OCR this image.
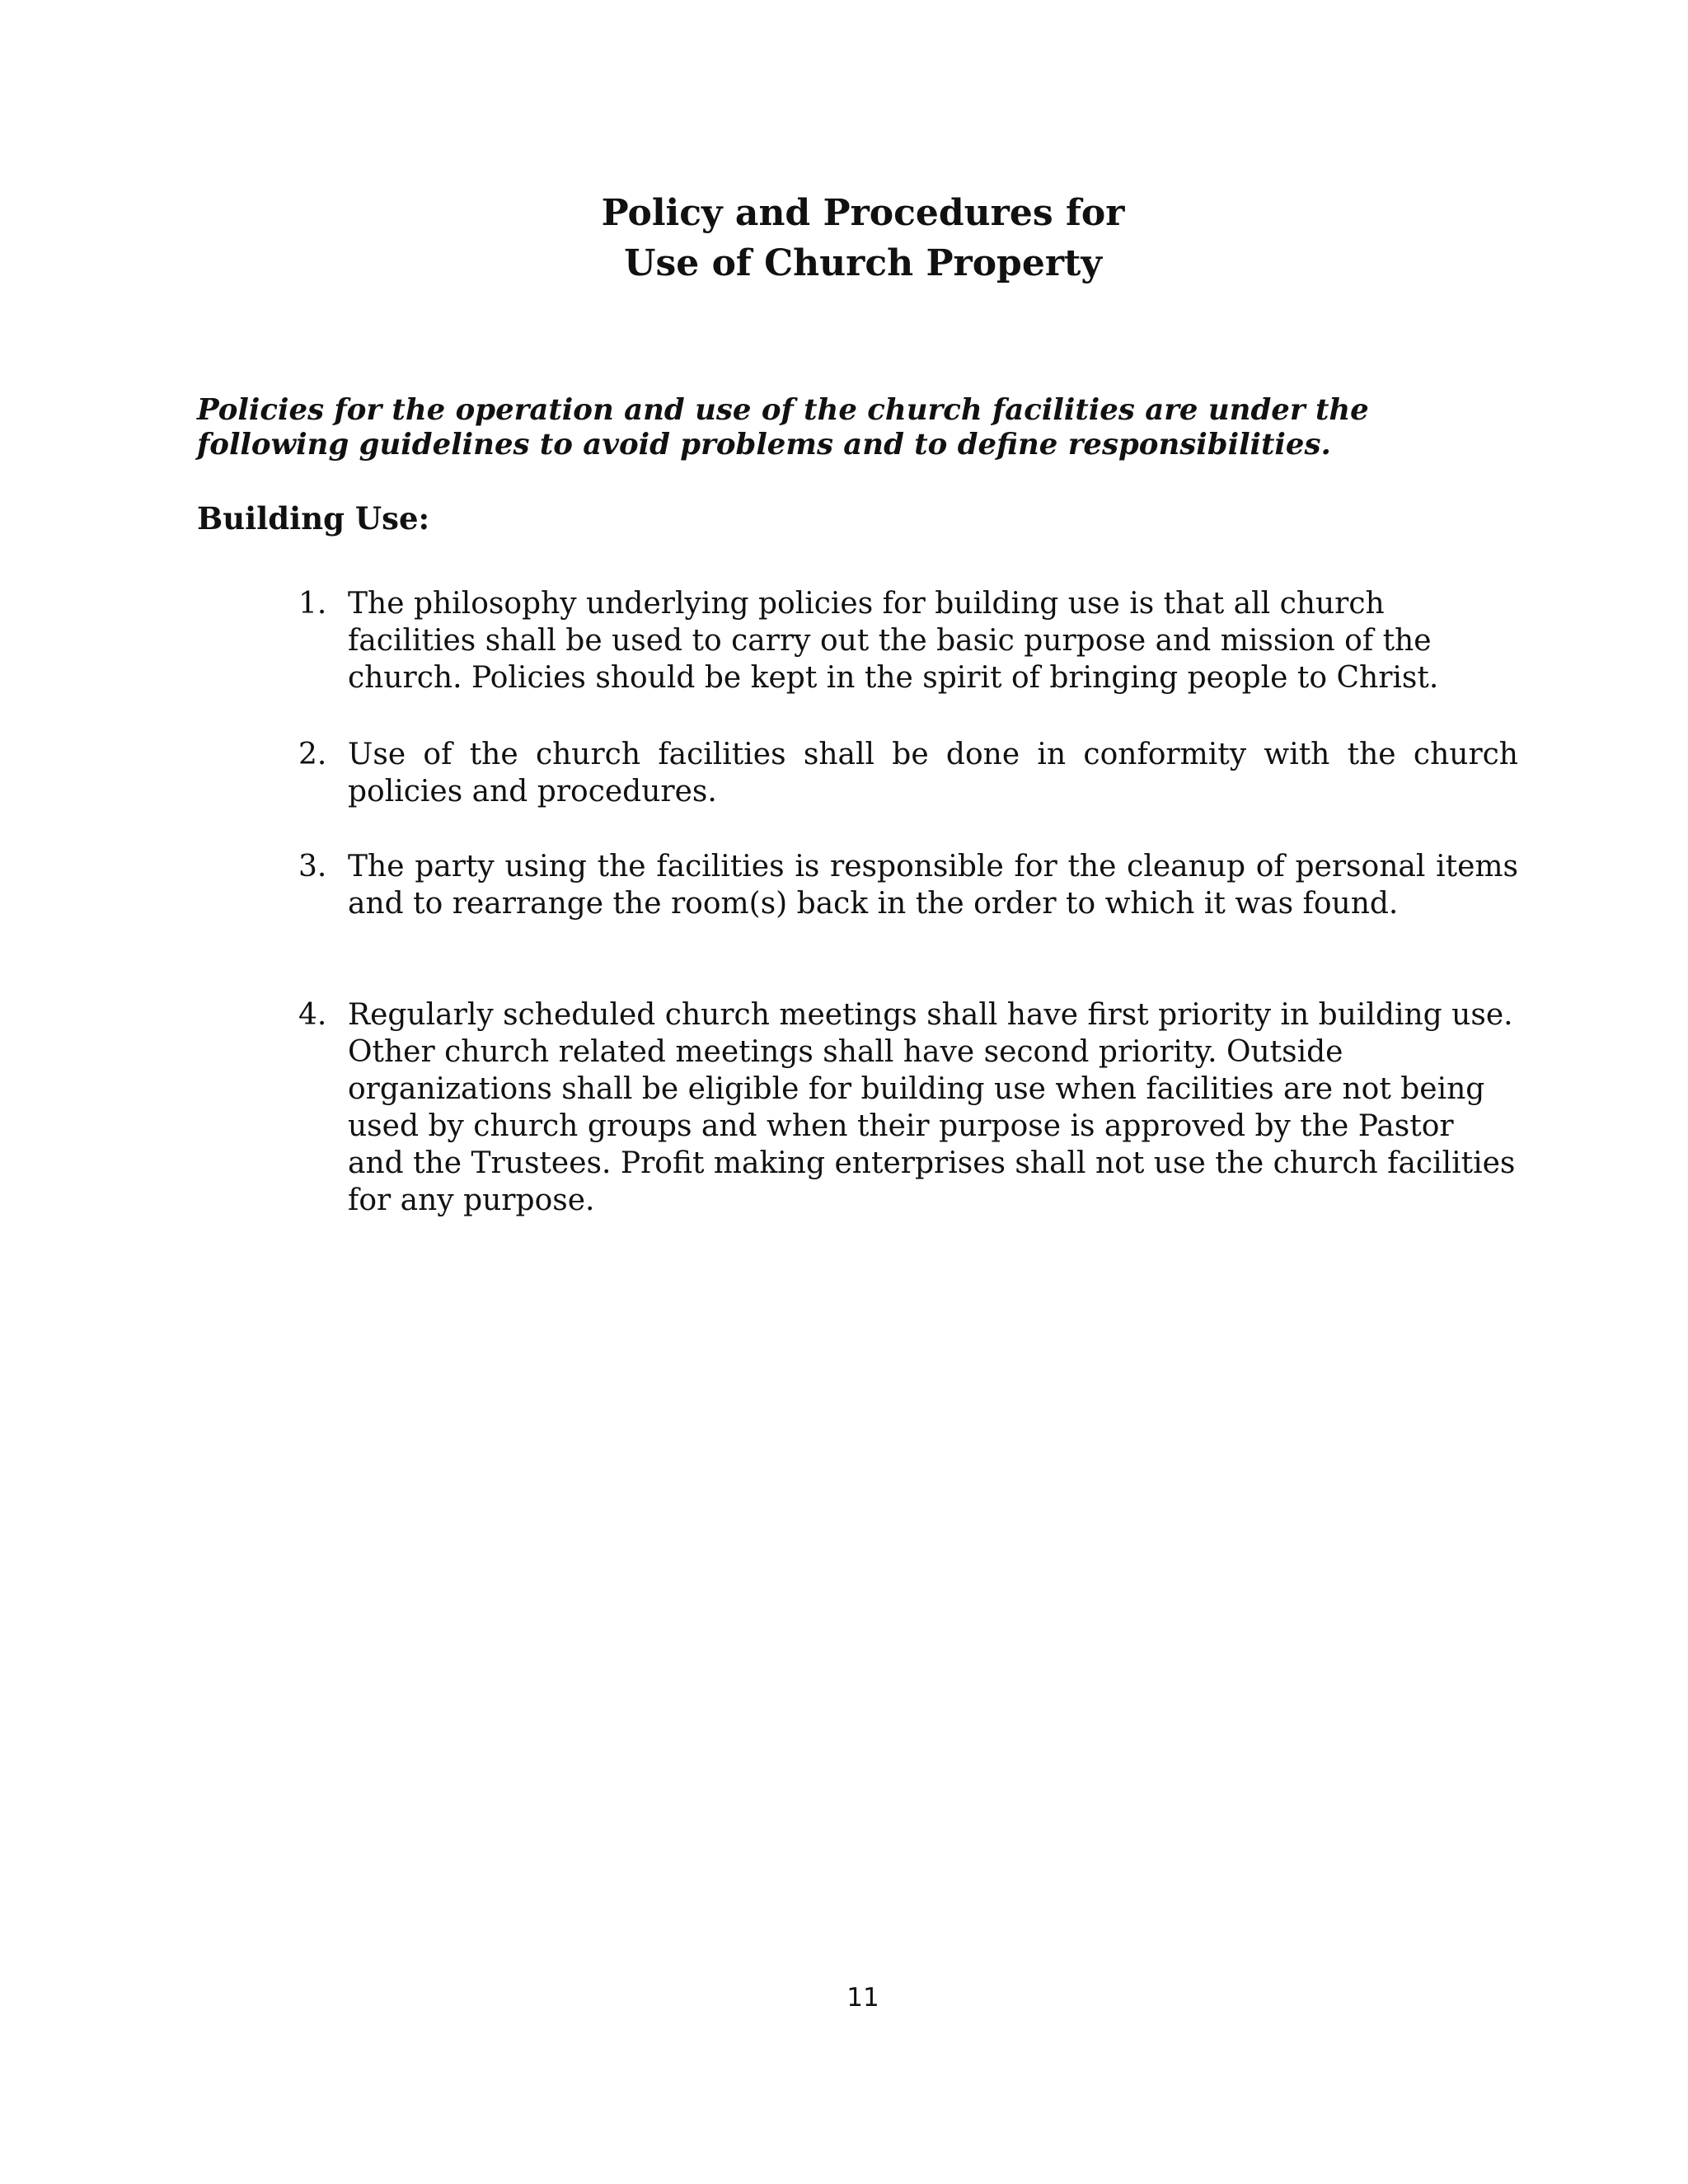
Policy and Procedures for
Use of Church Property
Policies for the operation and use of the church facilities are under the following guidelines to avoid problems and to define responsibilities.
Building Use:
1. The philosophy underlying policies for building use is that all church facilities shall be used to carry out the basic purpose and mission of the church. Policies should be kept in the spirit of bringing people to Christ.
2. Use of the church facilities shall be done in conformity with the church policies and procedures.
3. The party using the facilities is responsible for the cleanup of personal items and to rearrange the room(s) back in the order to which it was found.
4. Regularly scheduled church meetings shall have first priority in building use. Other church related meetings shall have second priority. Outside organizations shall be eligible for building use when facilities are not being used by church groups and when their purpose is approved by the Pastor and the Trustees. Profit making enterprises shall not use the church facilities for any purpose.
11
